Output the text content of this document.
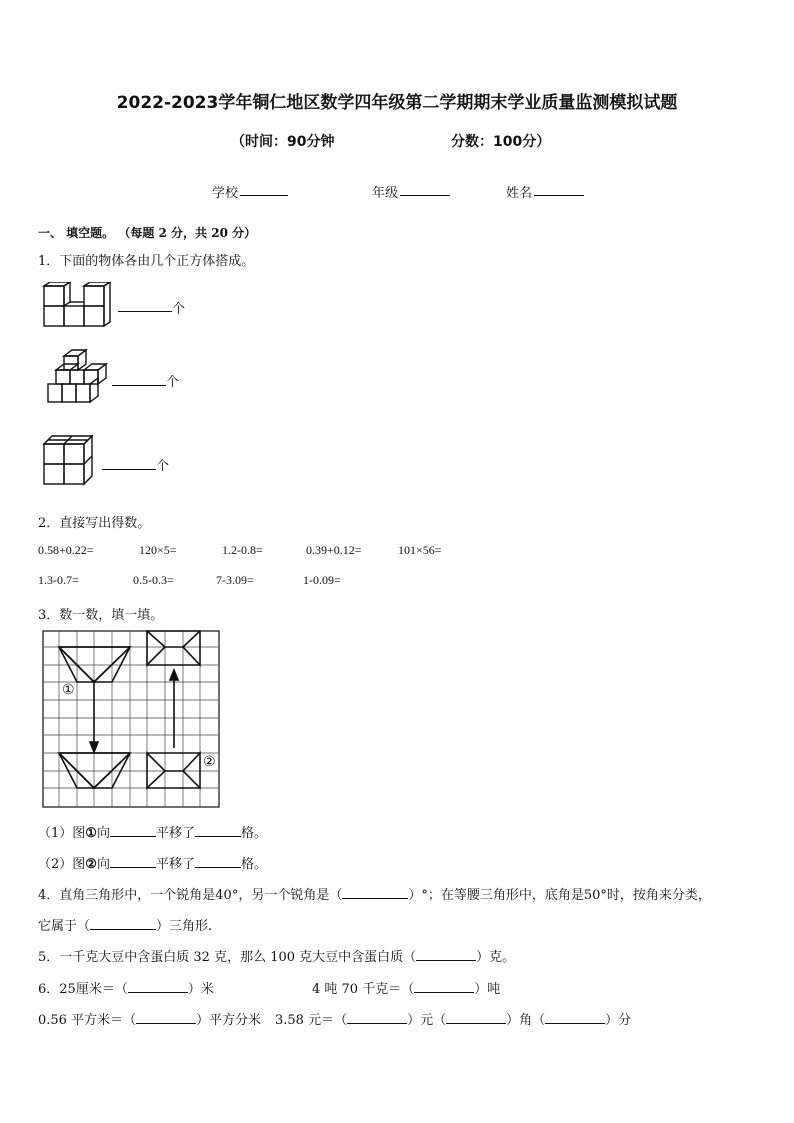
2022-2023学年铜仁地区数学四年级第二学期期末学业质量监测模拟试题
（时间：90分钟	分数：100分）
学校	年级	姓名
一、 填空题。 （每题 2 分，共 20 分）
1．下面的物体各由几个正方体搭成。
个
个
个
2．直接写出得数。
0.58+0.22=	120×5=	1.2-0.8=	0.39+0.12=	101×56=
1.3-0.7=	0.5-0.3=	7-3.09=	1-0.09=
3．数一数，填一填。
①
②
（1）图①向	平移了	格。
（2）图②向	平移了	格。
4．直角三角形中，一个锐角是40°，另一个锐角是（	）°；在等腰三角形中，底角是50°时，按角来分类，
它属于（	）三角形.
5．一千克大豆中含蛋白质 32 克，那么 100 克大豆中含蛋白质（	）克。
6．25厘米＝（	）米	4 吨 70 千克＝（	）吨
0.56 平方米＝（	）平方分米 3.58 元＝（	）元（	）角（	）分
